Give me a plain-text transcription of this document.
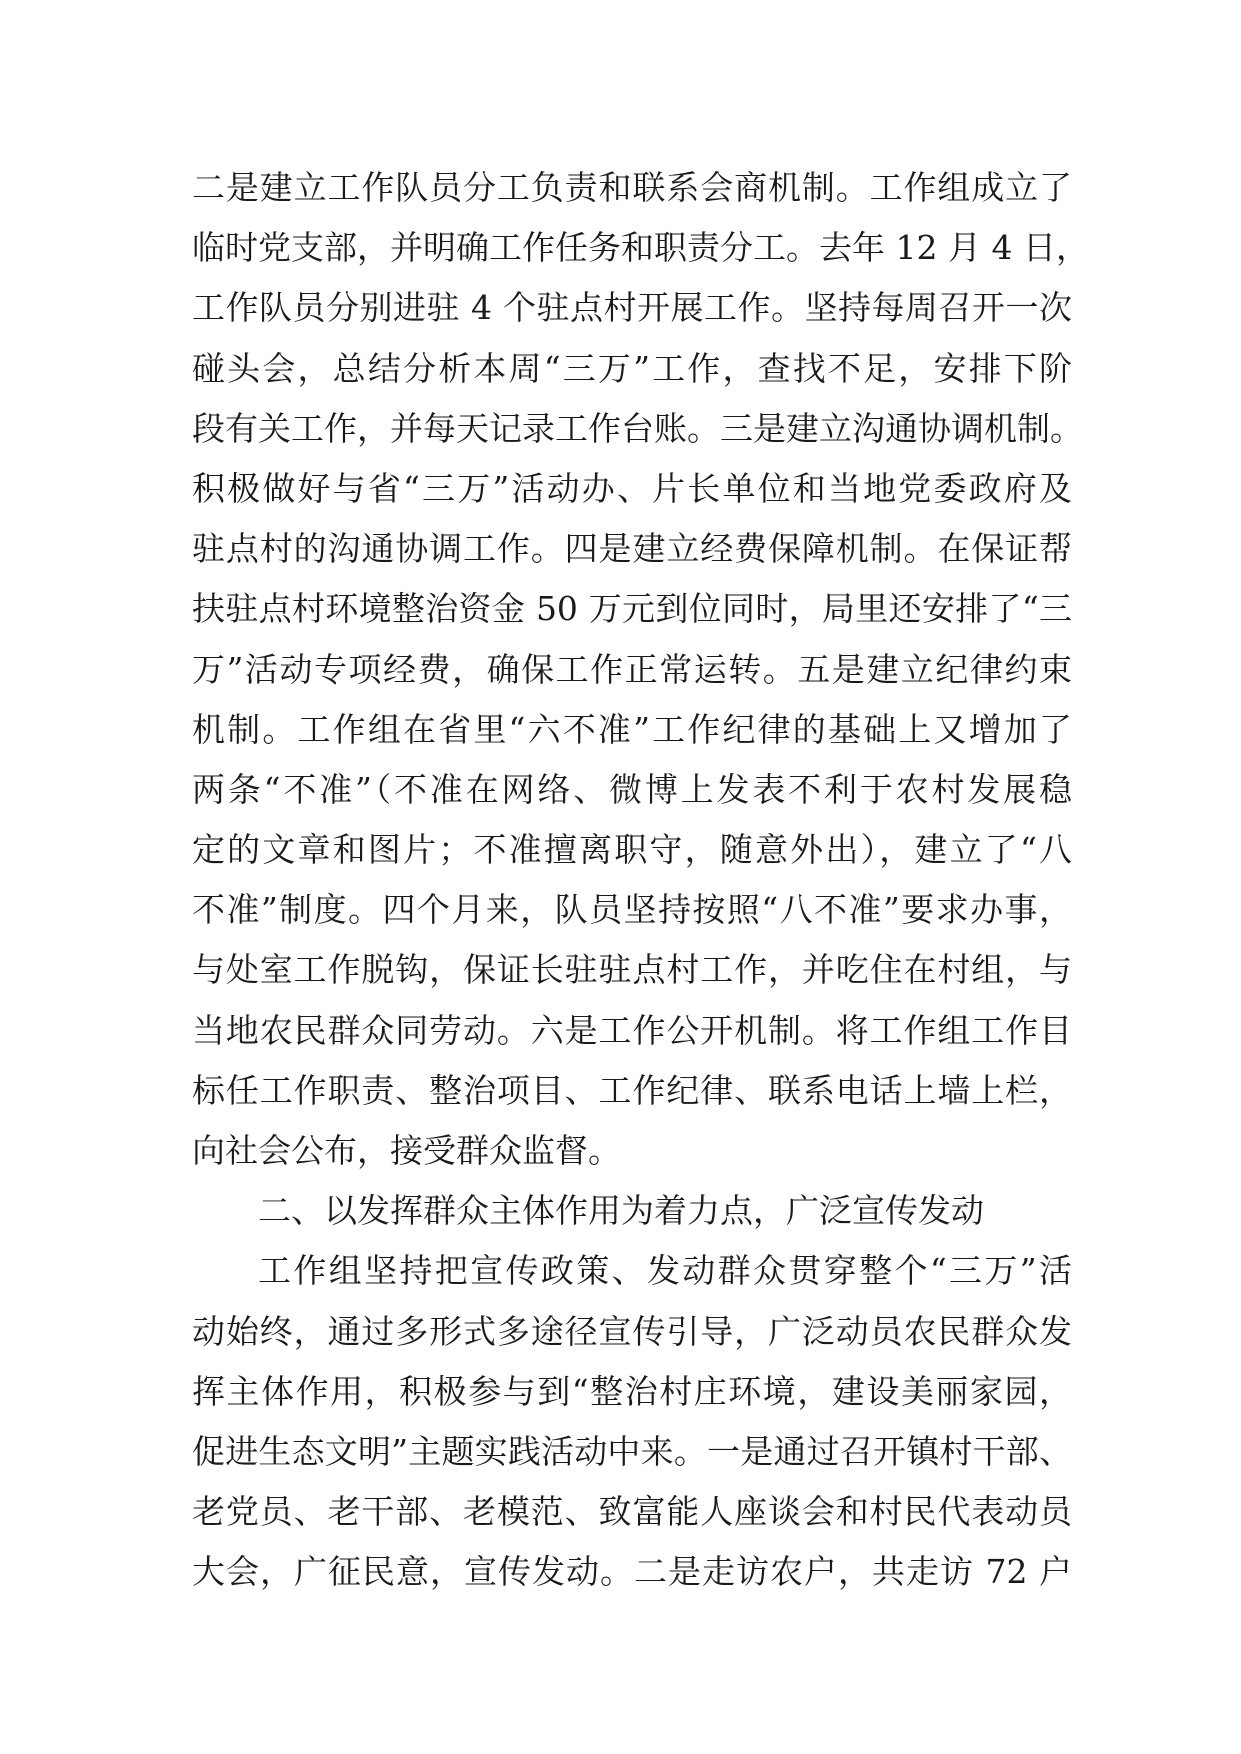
二是建立工作队员分工负责和联系会商机制。工作组成立了
临时党支部，并明确工作任务和职责分工。去年 12 月 4 日，
工作队员分别进驻 4 个驻点村开展工作。坚持每周召开一次
碰头会，总结分析本周“三万”工作，查找不足，安排下阶
段有关工作，并每天记录工作台账。三是建立沟通协调机制。
积极做好与省“三万”活动办、片长单位和当地党委政府及
驻点村的沟通协调工作。四是建立经费保障机制。在保证帮
扶驻点村环境整治资金 50 万元到位同时，局里还安排了“三
万”活动专项经费，确保工作正常运转。五是建立纪律约束
机制。工作组在省里“六不准”工作纪律的基础上又增加了
两条“不准”（不准在网络、微博上发表不利于农村发展稳
定的文章和图片；不准擅离职守，随意外出），建立了“八
不准”制度。四个月来，队员坚持按照“八不准”要求办事，
与处室工作脱钩，保证长驻驻点村工作，并吃住在村组，与
当地农民群众同劳动。六是工作公开机制。将工作组工作目
标任工作职责、整治项目、工作纪律、联系电话上墙上栏，
向社会公布，接受群众监督。
二、以发挥群众主体作用为着力点，广泛宣传发动
工作组坚持把宣传政策、发动群众贯穿整个“三万”活
动始终，通过多形式多途径宣传引导，广泛动员农民群众发
挥主体作用，积极参与到“整治村庄环境，建设美丽家园，
促进生态文明”主题实践活动中来。一是通过召开镇村干部、
老党员、老干部、老模范、致富能人座谈会和村民代表动员
大会，广征民意，宣传发动。二是走访农户，共走访 72 户
